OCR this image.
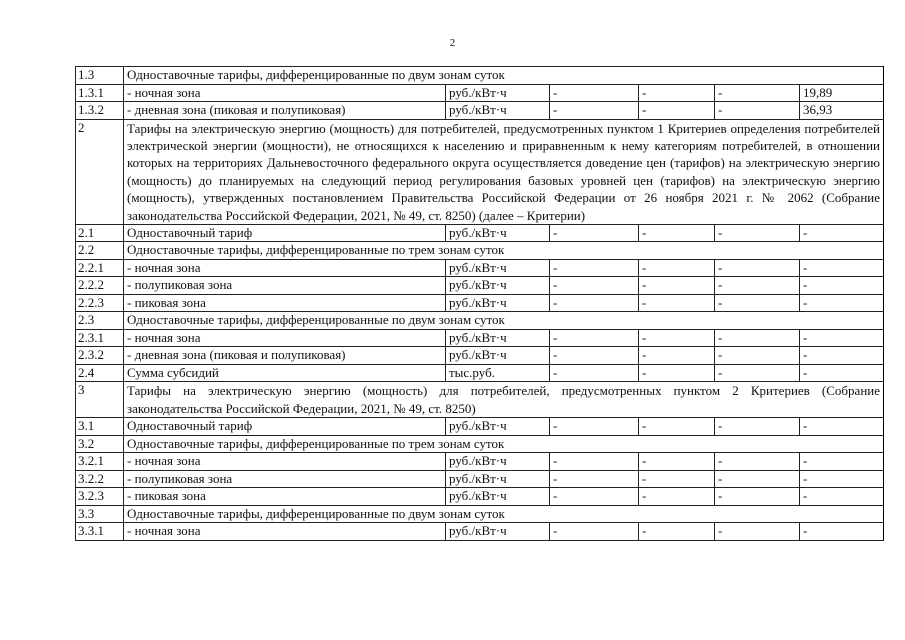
2
1.3	Одноставочные тарифы, дифференцированные по двум зонам суток					
1.3.1	- ночная зона	руб./кВт·ч	-	-	-	19,89
1.3.2	- дневная зона (пиковая и полупиковая)	руб./кВт·ч	-	-	-	36,93
2	Тарифы на электрическую энергию (мощность) для потребителей, предусмотренных пунктом 1 Критериев определения потребителей электрической энергии (мощности), не относящихся к населению и приравненным к нему категориям потребителей, в отношении которых на территориях Дальневосточного федерального округа осуществляется доведение цен (тарифов) на электрическую энергию (мощность) до планируемых на следующий период регулирования базовых уровней цен (тарифов) на электрическую энергию (мощность), утвержденных постановлением Правительства Российской Федерации от 26 ноября 2021 г. № 2062 (Собрание законодательства Российской Федерации, 2021, № 49, ст. 8250) (далее – Критерии)					
2.1	Одноставочный тариф	руб./кВт·ч	-	-	-	-
2.2	Одноставочные тарифы, дифференцированные по трем зонам суток					
2.2.1	- ночная зона	руб./кВт·ч	-	-	-	-
2.2.2	- полупиковая зона	руб./кВт·ч	-	-	-	-
2.2.3	- пиковая зона	руб./кВт·ч	-	-	-	-
2.3	Одноставочные тарифы, дифференцированные по двум зонам суток					
2.3.1	- ночная зона	руб./кВт·ч	-	-	-	-
2.3.2	- дневная зона (пиковая и полупиковая)	руб./кВт·ч	-	-	-	-
2.4	Сумма субсидий	тыс.руб.	-	-	-	-
3	Тарифы на электрическую энергию (мощность) для потребителей, предусмотренных пунктом 2 Критериев (Собрание законодательства Российской Федерации, 2021, № 49, ст. 8250)					
3.1	Одноставочный тариф	руб./кВт·ч	-	-	-	-
3.2	Одноставочные тарифы, дифференцированные по трем зонам суток					
3.2.1	- ночная зона	руб./кВт·ч	-	-	-	-
3.2.2	- полупиковая зона	руб./кВт·ч	-	-	-	-
3.2.3	- пиковая зона	руб./кВт·ч	-	-	-	-
3.3	Одноставочные тарифы, дифференцированные по двум зонам суток					
3.3.1	- ночная зона	руб./кВт·ч	-	-	-	-
